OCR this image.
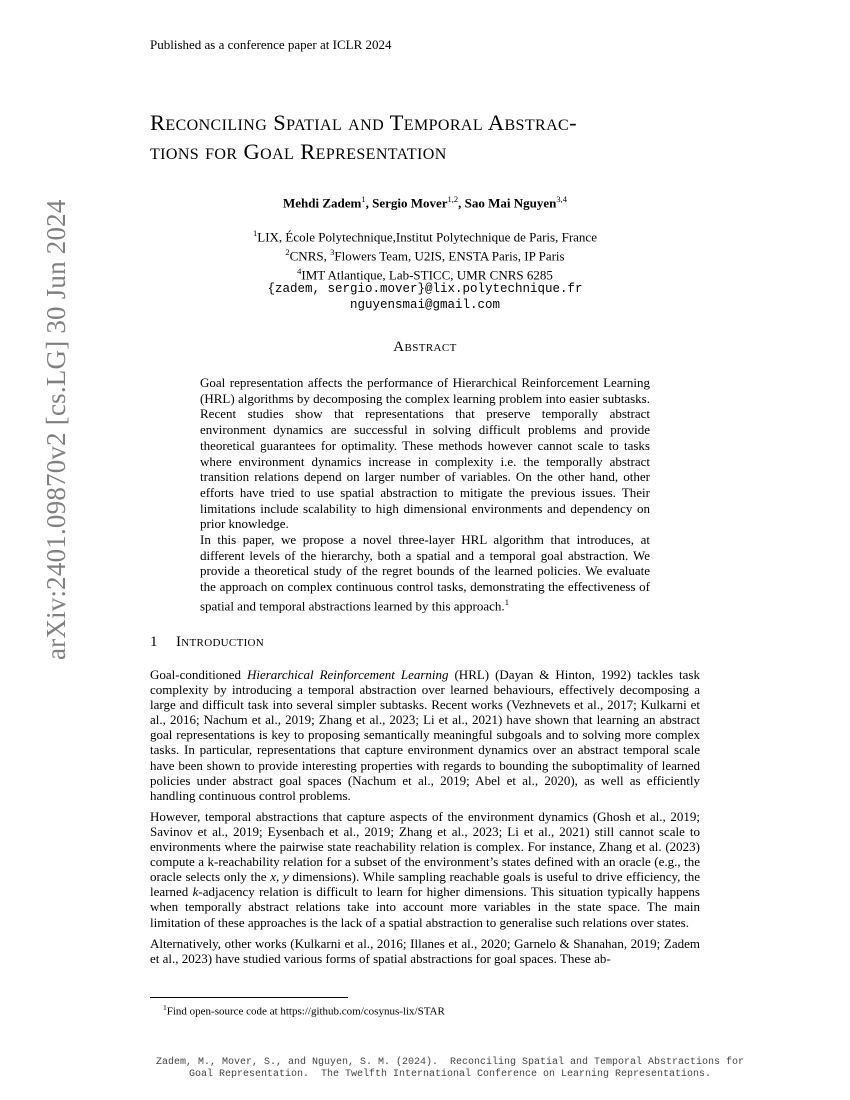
Published as a conference paper at ICLR 2024
arXiv:2401.09870v2 [cs.LG] 30 Jun 2024
Reconciling Spatial and Temporal Abstrac-
tions for Goal Representation
Mehdi Zadem$^1$, Sergio Mover$^{1,2}$, Sao Mai Nguyen$^{3,4}$
$^1$LIX, École Polytechnique,Institut Polytechnique de Paris, France
$^2$CNRS, $^3$Flowers Team, U2IS, ENSTA Paris, IP Paris
$^4$IMT Atlantique, Lab-STICC, UMR CNRS 6285
{zadem, sergio.mover}@lix.polytechnique.fr
nguyensmai@gmail.com
Abstract

Goal representation affects the performance of Hierarchical Reinforcement Learning (HRL) algorithms by decomposing the complex learning problem into easier subtasks. Recent studies show that representations that preserve temporally abstract environment dynamics are successful in solving difficult problems and provide theoretical guarantees for optimality. These methods however cannot scale to tasks where environment dynamics increase in complexity i.e. the temporally abstract transition relations depend on larger number of variables. On the other hand, other efforts have tried to use spatial abstraction to mitigate the previous issues. Their limitations include scalability to high dimensional environments and dependency on prior knowledge.

In this paper, we propose a novel three-layer HRL algorithm that introduces, at different levels of the hierarchy, both a spatial and a temporal goal abstraction. We provide a theoretical study of the regret bounds of the learned policies. We evaluate the approach on complex continuous control tasks, demonstrating the effectiveness of spatial and temporal abstractions learned by this approach.$^1$

1 Introduction

Goal-conditioned Hierarchical Reinforcement Learning (HRL) (Dayan & Hinton, 1992) tackles task complexity by introducing a temporal abstraction over learned behaviours, effectively decomposing a large and difficult task into several simpler subtasks. Recent works (Vezhnevets et al., 2017; Kulkarni et al., 2016; Nachum et al., 2019; Zhang et al., 2023; Li et al., 2021) have shown that learning an abstract goal representations is key to proposing semantically meaningful subgoals and to solving more complex tasks. In particular, representations that capture environment dynamics over an abstract temporal scale have been shown to provide interesting properties with regards to bounding the suboptimality of learned policies under abstract goal spaces (Nachum et al., 2019; Abel et al., 2020), as well as efficiently handling continuous control problems.

However, temporal abstractions that capture aspects of the environment dynamics (Ghosh et al., 2019; Savinov et al., 2019; Eysenbach et al., 2019; Zhang et al., 2023; Li et al., 2021) still cannot scale to environments where the pairwise state reachability relation is complex. For instance, Zhang et al. (2023) compute a k-reachability relation for a subset of the environment’s states defined with an oracle (e.g., the oracle selects only the x, y dimensions). While sampling reachable goals is useful to drive efficiency, the learned k-adjacency relation is difficult to learn for higher dimensions. This situation typically happens when temporally abstract relations take into account more variables in the state space. The main limitation of these approaches is the lack of a spatial abstraction to generalise such relations over states.

Alternatively, other works (Kulkarni et al., 2016; Illanes et al., 2020; Garnelo & Shanahan, 2019; Zadem et al., 2023) have studied various forms of spatial abstractions for goal spaces. These ab-

$^1$Find open-source code at https://github.com/cosynus-lix/STAR
Zadem, M., Mover, S., and Nguyen, S. M. (2024).  Reconciling Spatial and Temporal Abstractions for
Goal Representation.  The Twelfth International Conference on Learning Representations.
